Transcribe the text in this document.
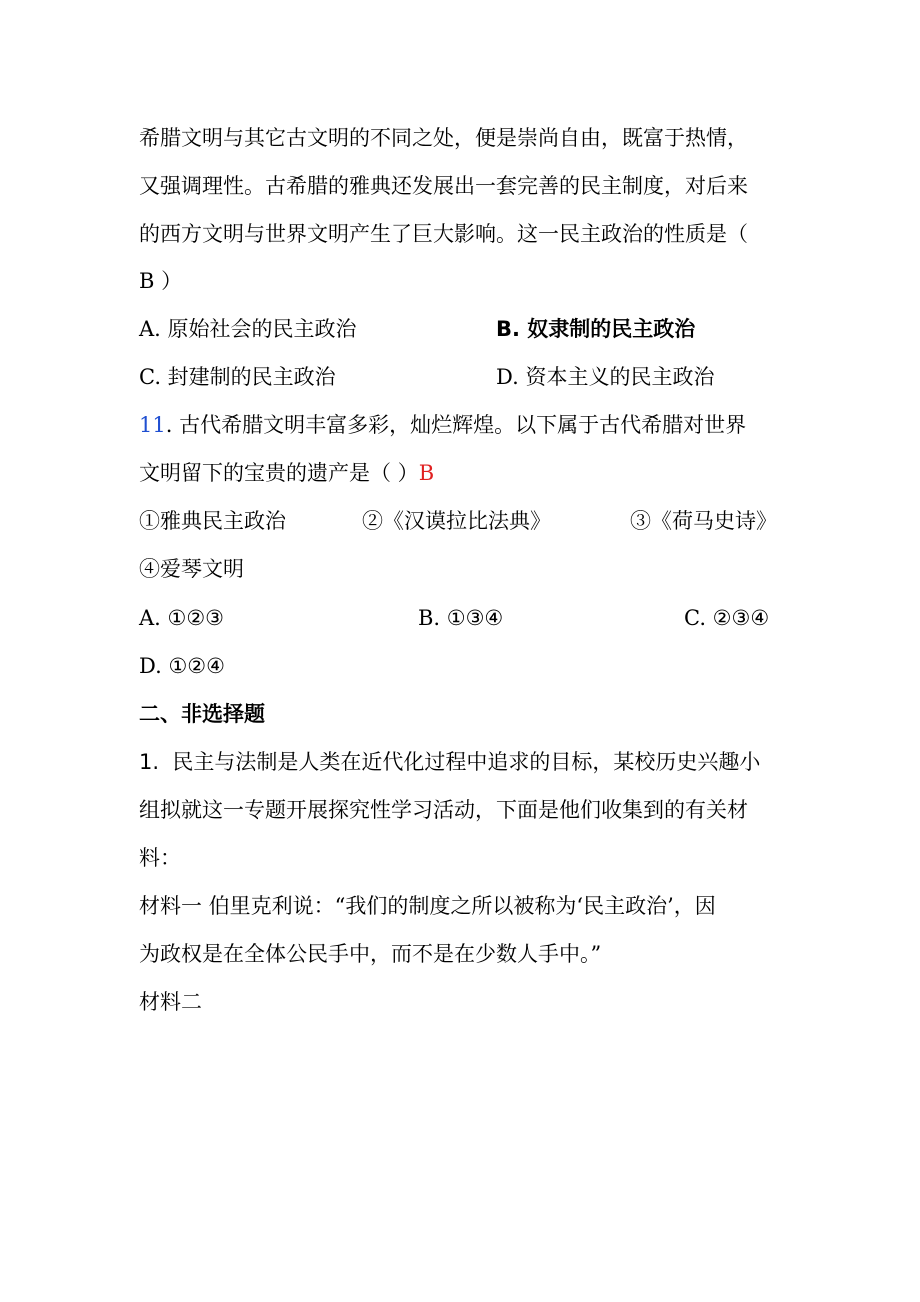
希腊文明与其它古文明的不同之处，便是崇尚自由，既富于热情，
又强调理性。古希腊的雅典还发展出一套完善的民主制度，对后来
的西方文明与世界文明产生了巨大影响。这一民主政治的性质是（
B ）
A. 原始社会的民主政治	B. 奴隶制的民主政治
C. 封建制的民主政治	D. 资本主义的民主政治
11. 古代希腊文明丰富多彩，灿烂辉煌。以下属于古代希腊对世界
文明留下的宝贵的遗产是（ ）B
①雅典民主政治	②《汉谟拉比法典》	③《荷马史诗》
④爱琴文明
A. ①②③	B. ①③④	C. ②③④
D. ①②④
二、非选择题
1. 民主与法制是人类在近代化过程中追求的目标，某校历史兴趣小
组拟就这一专题开展探究性学习活动，下面是他们收集到的有关材
料：
材料一 伯里克利说：“我们的制度之所以被称为‘民主政治’，因
为政权是在全体公民手中，而不是在少数人手中。”
材料二
